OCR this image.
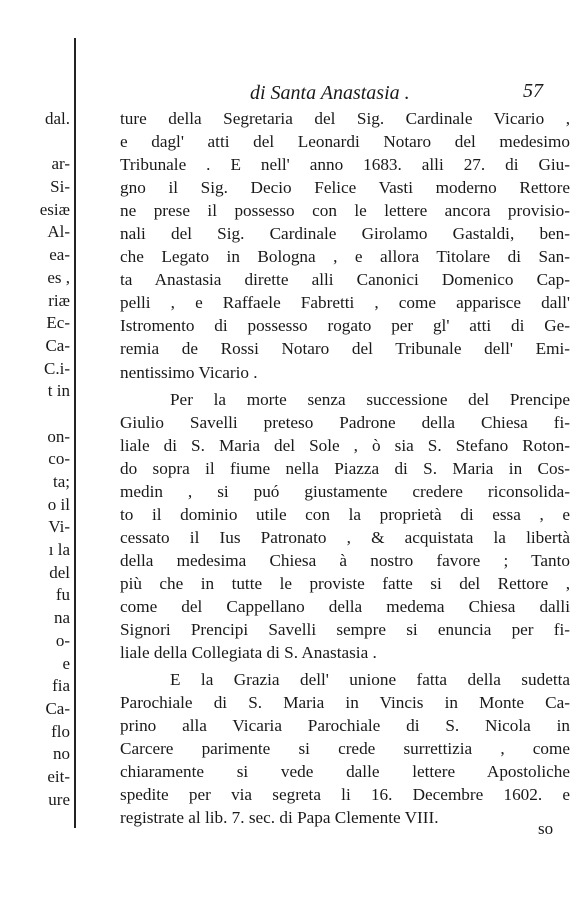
dal.
ar-
Si-
esiæ
Al-
ea-
es ,
riæ
Ec-
Ca-
C.i-
t in
on-
co-
ta;
o il
Vi-
ı la
del
fu
na
o-
e
fia
Ca-
flo
no
eit-
ure
di Santa Anastasia .	57
ture della Segretaria del Sig. Cardinale Vicario ,
e dagl' atti del Leonardi Notaro del medesimo
Tribunale . E nell' anno 1683. alli 27. di Giu-
gno il Sig. Decio Felice Vasti moderno Rettore
ne prese il possesso con le lettere ancora provisio-
nali del Sig. Cardinale Girolamo Gastaldi, ben-
che Legato in Bologna , e allora Titolare di San-
ta Anastasia dirette alli Canonici Domenico Cap-
pelli , e Raffaele Fabretti , come apparisce dall'
Istromento di possesso rogato per gl' atti di Ge-
remia de Rossi Notaro del Tribunale dell' Emi-
nentissimo Vicario .
Per la morte senza successione del Prencipe
Giulio Savelli preteso Padrone della Chiesa fi-
liale di S. Maria del Sole , ò sia S. Stefano Roton-
do sopra il fiume nella Piazza di S. Maria in Cos-
medin , si puó giustamente credere riconsolida-
to il dominio utile con la proprietà di essa , e
cessato il Ius Patronato , & acquistata la libertà
della medesima Chiesa à nostro favore ; Tanto
più che in tutte le proviste fatte si del Rettore ,
come del Cappellano della medema Chiesa dalli
Signori Prencipi Savelli sempre si enuncia per fi-
liale della Collegiata di S. Anastasia .
E la Grazia dell' unione fatta della sudetta
Parochiale di S. Maria in Vincis in Monte Ca-
prino alla Vicaria Parochiale di S. Nicola in
Carcere parimente si crede surrettizia , come
chiaramente si vede dalle lettere Apostoliche
spedite per via segreta li 16. Decembre 1602. e
registrate al lib. 7. sec. di Papa Clemente VIII.
so
